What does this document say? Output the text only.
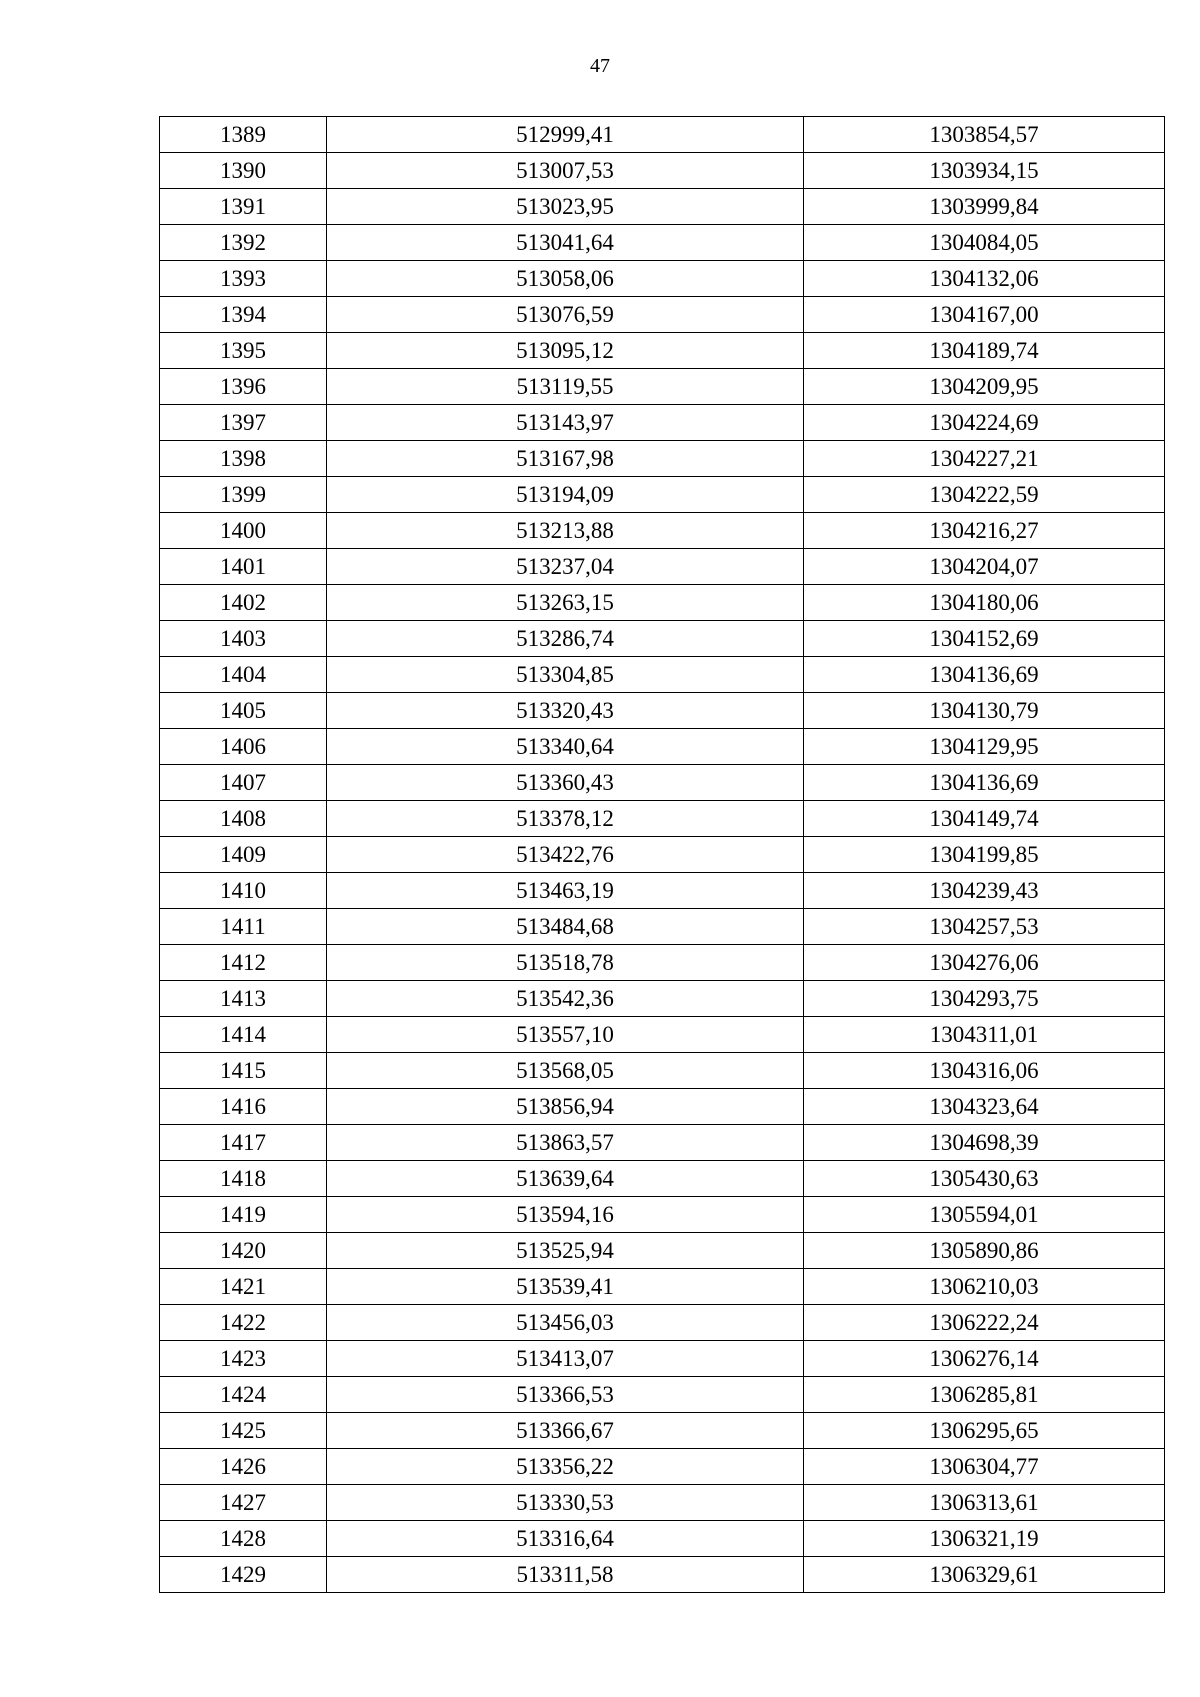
47
1389	512999,41	1303854,57
1390	513007,53	1303934,15
1391	513023,95	1303999,84
1392	513041,64	1304084,05
1393	513058,06	1304132,06
1394	513076,59	1304167,00
1395	513095,12	1304189,74
1396	513119,55	1304209,95
1397	513143,97	1304224,69
1398	513167,98	1304227,21
1399	513194,09	1304222,59
1400	513213,88	1304216,27
1401	513237,04	1304204,07
1402	513263,15	1304180,06
1403	513286,74	1304152,69
1404	513304,85	1304136,69
1405	513320,43	1304130,79
1406	513340,64	1304129,95
1407	513360,43	1304136,69
1408	513378,12	1304149,74
1409	513422,76	1304199,85
1410	513463,19	1304239,43
1411	513484,68	1304257,53
1412	513518,78	1304276,06
1413	513542,36	1304293,75
1414	513557,10	1304311,01
1415	513568,05	1304316,06
1416	513856,94	1304323,64
1417	513863,57	1304698,39
1418	513639,64	1305430,63
1419	513594,16	1305594,01
1420	513525,94	1305890,86
1421	513539,41	1306210,03
1422	513456,03	1306222,24
1423	513413,07	1306276,14
1424	513366,53	1306285,81
1425	513366,67	1306295,65
1426	513356,22	1306304,77
1427	513330,53	1306313,61
1428	513316,64	1306321,19
1429	513311,58	1306329,61
